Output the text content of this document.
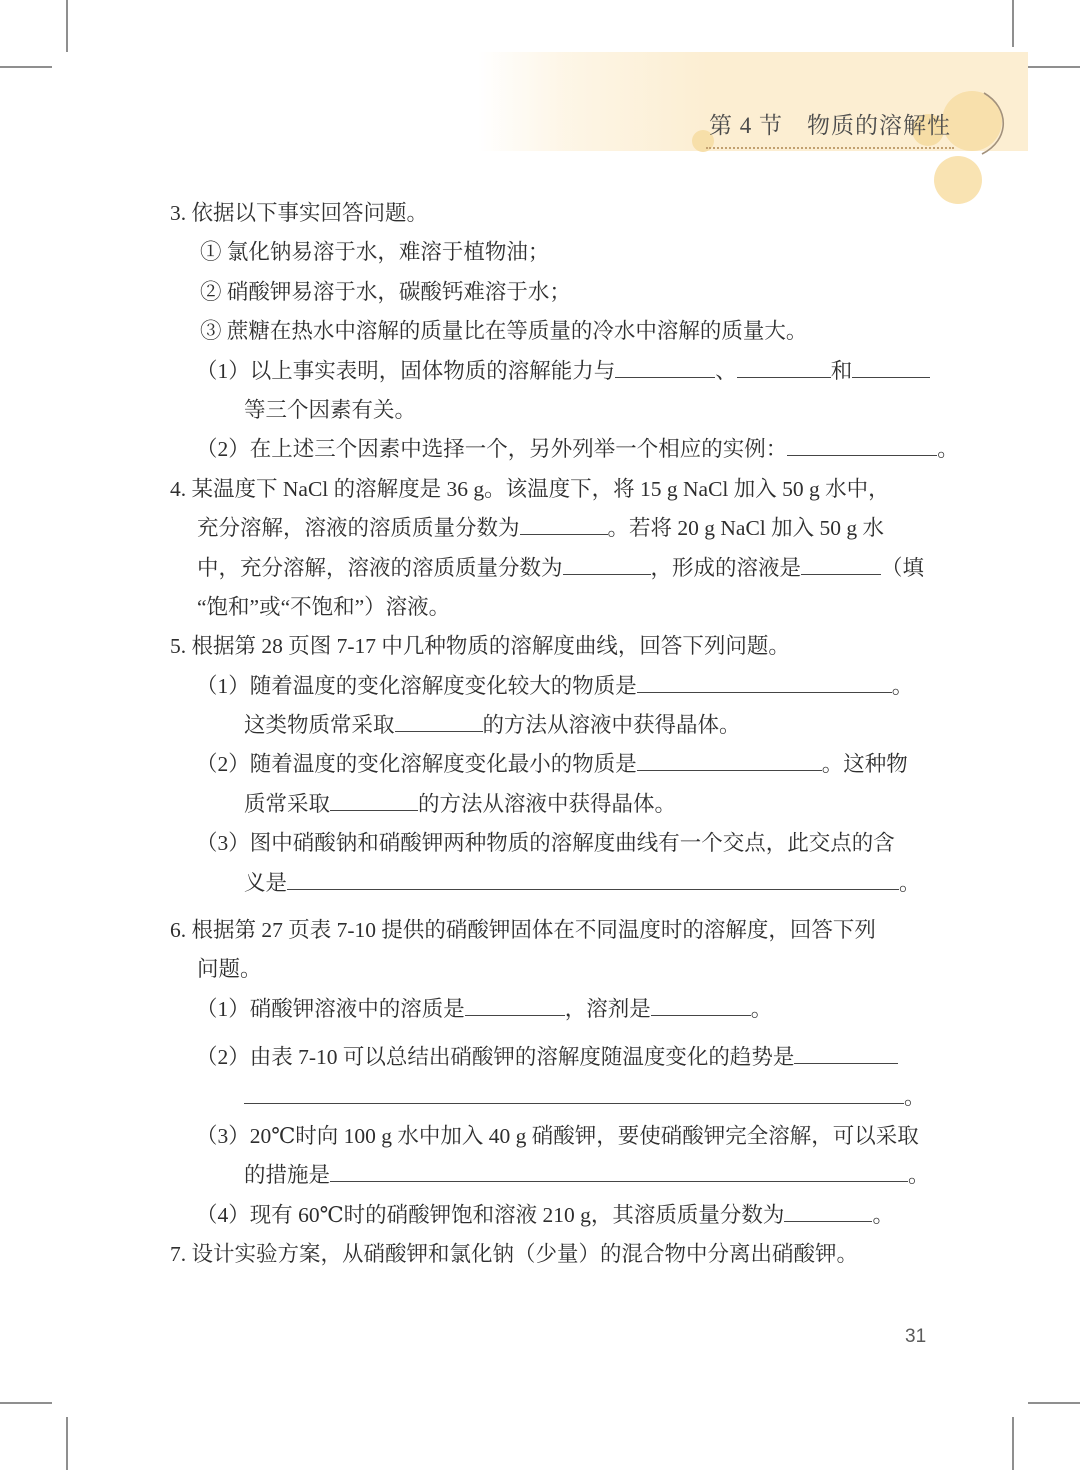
第 4 节　物质的溶解性
3. 依据以下事实回答问题。
① 氯化钠易溶于水，难溶于植物油；
② 硝酸钾易溶于水，碳酸钙难溶于水；
③ 蔗糖在热水中溶解的质量比在等质量的冷水中溶解的质量大。
（1）以上事实表明，固体物质的溶解能力与	、	和
等三个因素有关。
（2）在上述三个因素中选择一个，另外列举一个相应的实例：	。
4. 某温度下 NaCl 的溶解度是 36 g。该温度下，将 15 g NaCl 加入 50 g 水中，
充分溶解，溶液的溶质质量分数为	。若将 20 g NaCl 加入 50 g 水
中，充分溶解，溶液的溶质质量分数为	，形成的溶液是	（填
“饱和”或“不饱和”）溶液。
5. 根据第 28 页图 7-17 中几种物质的溶解度曲线，回答下列问题。
（1）随着温度的变化溶解度变化较大的物质是	。
这类物质常采取	的方法从溶液中获得晶体。
（2）随着温度的变化溶解度变化最小的物质是	。这种物
质常采取	的方法从溶液中获得晶体。
（3）图中硝酸钠和硝酸钾两种物质的溶解度曲线有一个交点，此交点的含
义是	。
6. 根据第 27 页表 7-10 提供的硝酸钾固体在不同温度时的溶解度，回答下列
问题。
（1）硝酸钾溶液中的溶质是	，溶剂是	。
（2）由表 7-10 可以总结出硝酸钾的溶解度随温度变化的趋势是
。
（3）20℃时向 100 g 水中加入 40 g 硝酸钾，要使硝酸钾完全溶解，可以采取
的措施是	。
（4）现有 60℃时的硝酸钾饱和溶液 210 g，其溶质质量分数为	。
7. 设计实验方案，从硝酸钾和氯化钠（少量）的混合物中分离出硝酸钾。
31
